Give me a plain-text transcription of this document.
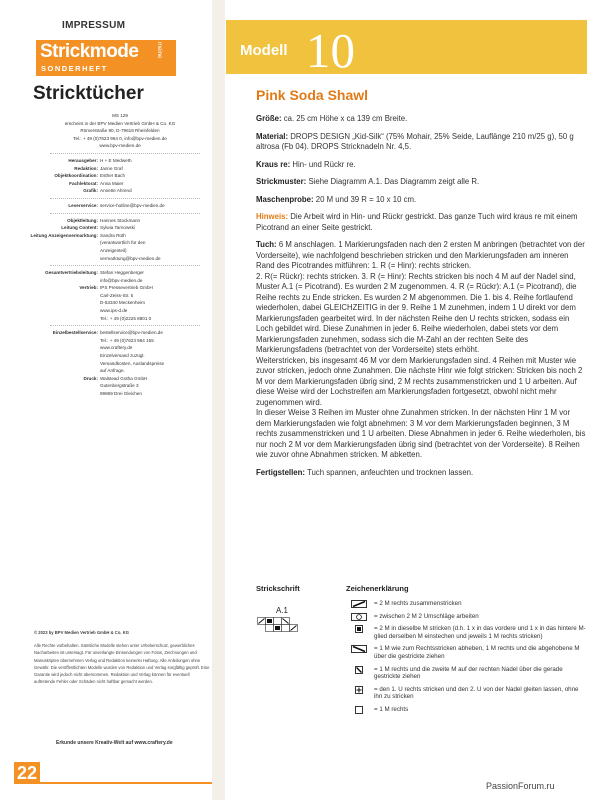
IMPRESSUM
Strickmode	meine
SONDERHEFT
Stricktücher
MS 129
erscheint in der BPV Medien Vertrieb GmbH & Co. KG
Römerstraße 90, D-79618 Rheinfelden
Tel.: + 49 (0)7623 964 0, info@bpv-medien.de
www.bpv-medien.de
Herausgeber: H + E Medweth
Redaktion: Janne Graf
Objektkoordination: Esther Bach
Fachlektorat: Anna Maier
Grafik: Annette Ahrend
Leserservice: service-hotline@bpv-medien.de
Objektleitung: Hannes Stockmann
Leitung Content: Sylwia Tarnowski
Leitung Anzeigenvermarktung: Sandra Rüth
(verantwortlich für den
Anzeigenteil)
vermarktung@bpv-medien.de
Gesamtvertriebsleitung: Stefan Heggenberger
info@bpv-medien.de
Vertrieb: IPS Pressevertrieb GmbH
Carl-Zeiss-Str. 5
D-53340 Meckenheim
www.ips-d.de
Tel.: + 49 (0)2225 8801 0
Einzelbestellservice: bestellservice@bpv-medien.de
Tel.: + 49 (0)7623 964 155
www.craftery.de
Einzelversand zuzügl.
Versandkosten, Auslandspreise
auf Anfrage.
Druck: Walstead Gotha GmbH
Gutenbergstraße 3
99869 Drei Gleichen
© 2023 by BPV Medien Vertrieb GmbH & Co. KG
Alle Rechte vorbehalten. Sämtliche Modelle stehen unter Urheberschutz, gewerbliches Nacharbeiten ist untersagt. Für unverlangte Einsendungen von Fotos, Zeichnungen und Manuskripten übernehmen Verlag und Redaktion keinerlei Haftung. Alle Anleitungen ohne Gewähr. Die veröffentlichten Modelle wurden von Redaktion und Verlag sorgfältig geprüft. Eine Garantie wird jedoch nicht übernommen. Redaktion und Verlag können für eventuell auftretende Fehler oder Schäden nicht haftbar gemacht werden.
Erkunde unsere Kreativ-Welt auf www.craftery.de
22
Modell 10
Pink Soda Shawl

Größe: ca. 25 cm Höhe x ca 139 cm Breite.

Material: DROPS DESIGN „Kid-Silk“ (75% Mohair, 25% Seide, Lauflänge 210 m/25 g), 50 g altrosa (Fb 04). DROPS Stricknadeln Nr. 4,5.

Kraus re: Hin- und Rückr re.

Strickmuster: Siehe Diagramm A.1. Das Diagramm zeigt alle R.

Maschenprobe: 20 M und 39 R = 10 x 10 cm.

Hinweis: Die Arbeit wird in Hin- und Rückr gestrickt. Das ganze Tuch wird kraus re mit einem Picotrand an einer Seite gestrickt.

Tuch: 6 M anschlagen. 1 Markierungsfaden nach den 2 ersten M anbringen (betrachtet von der Vorderseite), wie nachfolgend beschrieben stricken und den Markierungsfaden am inneren Rand des Picotrandes mitführen: 1. R (= Hinr): rechts stricken.

2. R(= Rückr): rechts stricken. 3. R (= Hinr): Rechts stricken bis noch 4 M auf der Nadel sind, Muster A.1 (= Picotrand). Es wurden 2 M zugenommen. 4. R (= Rückr): A.1 (= Picotrand), die Reihe rechts zu Ende stricken. Es wurden 2 M abgenommen. Die 1. bis 4. Reihe fortlaufend wiederholen, dabei GLEICHZEITIG in der 9. Reihe 1 M zunehmen, indem 1 U direkt vor dem Markierungsfaden gearbeitet wird. In der nächsten Reihe den U rechts stricken, sodass ein Loch gebildet wird. Diese Zunahmen in jeder 6. Reihe wiederholen, dabei stets vor dem Markierungsfaden zunehmen, sodass sich die M-Zahl an der rechten Seite des Markierungsfadens (betrachtet von der Vorderseite) stets erhöht.

Weiterstricken, bis insgesamt 46 M vor dem Markierungsfaden sind. 4 Reihen mit Muster wie zuvor stricken, jedoch ohne Zunahmen. Die nächste Hinr wie folgt stricken: Stricken bis noch 2 M vor dem Markierungsfaden übrig sind, 2 M rechts zusammenstricken und 1 U arbeiten. Auf diese Weise wird der Lochstreifen am Markierungsfaden fortgesetzt, obwohl nicht mehr zugenommen wird.

In dieser Weise 3 Reihen im Muster ohne Zunahmen stricken. In der nächsten Hinr 1 M vor dem Markierungsfaden wie folgt abnehmen: 3 M vor dem Markierungsfaden beginnen, 3 M rechts zusammenstricken und 1 U arbeiten. Diese Abnahmen in jeder 6. Reihe wiederholen, bis nur noch 2 M vor dem Markierungsfaden übrig sind (betrachtet von der Vorderseite). 8 Reihen wie zuvor ohne Abnahmen stricken. M abketten.

Fertigstellen: Tuch spannen, anfeuchten und trocknen lassen.

Strickschrift	Zeichenerklärung
A.1
= 2 M rechts zusammenstricken
= zwischen 2 M 2 Umschläge arbeiten
= 2 M in dieselbe M stricken (d.h. 1 x in das vordere und 1 x in das hintere M-glied derselben M einstechen und jeweils 1 M rechts stricken)
= 1 M wie zum Rechtsstricken abheben, 1 M rechts und die abgehobene M über die gestrickte ziehen
= 1 M rechts und die zweite M auf der rechten Nadel über die gerade gestrickte ziehen
= den 1. U rechts stricken und den 2. U von der Nadel gleiten lassen, ohne ihn zu stricken
= 1 M rechts
PassionForum.ru
